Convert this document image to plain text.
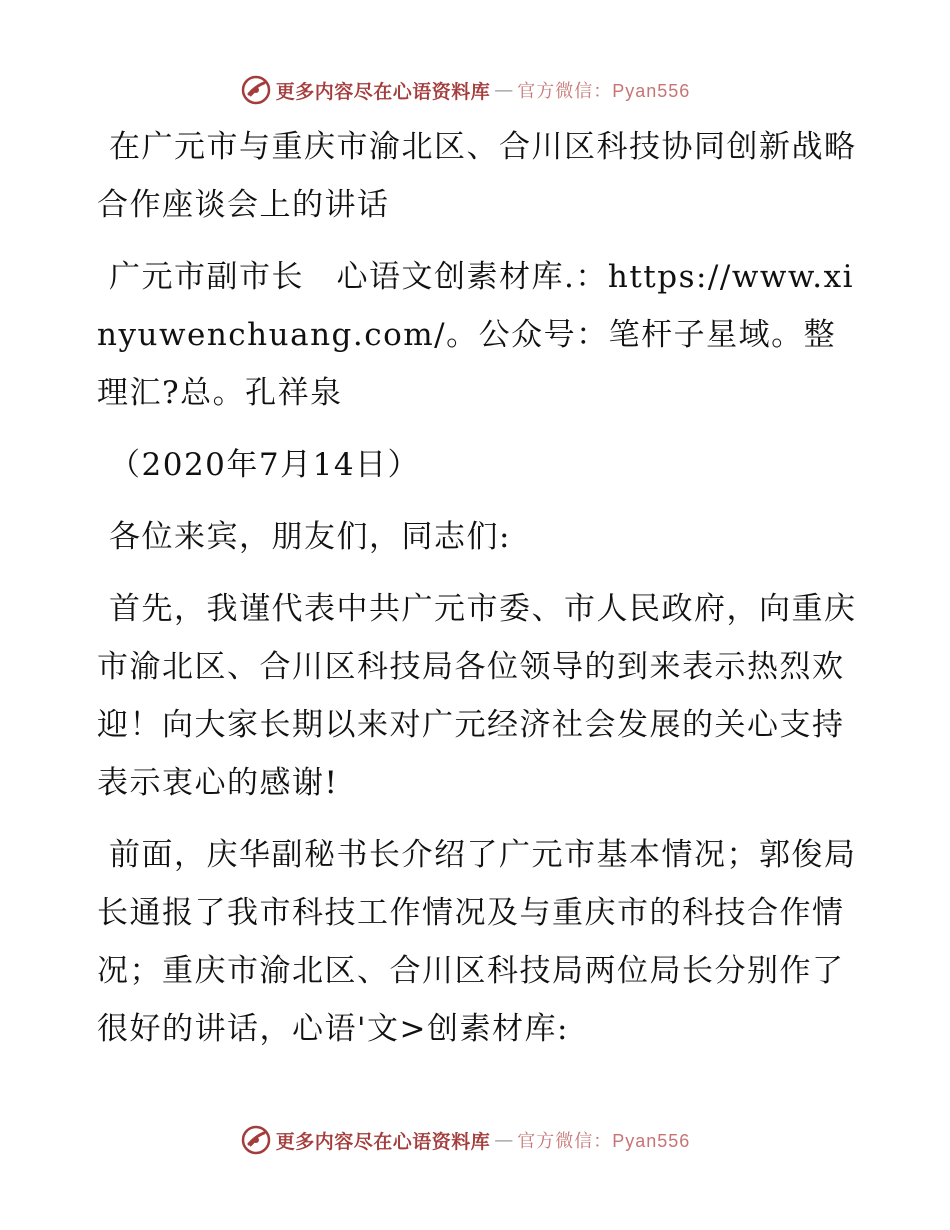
更多内容尽在心语资料库 — 官方微信：Pyan556

在广元市与重庆市渝北区、合川区科技协同创新战略合作座谈会上的讲话

广元市副市长　心语文创素材库.：https://www.xinyuwenchuang.com/。公众号：笔杆子星域。整理汇?总。孔祥泉

（2020年7月14日）

各位来宾，朋友们，同志们:

首先，我谨代表中共广元市委、市人民政府，向重庆市渝北区、合川区科技局各位领导的到来表示热烈欢迎！向大家长期以来对广元经济社会发展的关心支持表示衷心的感谢!

前面，庆华副秘书长介绍了广元市基本情况；郭俊局长通报了我市科技工作情况及与重庆市的科技合作情况；重庆市渝北区、合川区科技局两位局长分别作了很好的讲话，心语'文>创素材库:

更多内容尽在心语资料库 — 官方微信：Pyan556
